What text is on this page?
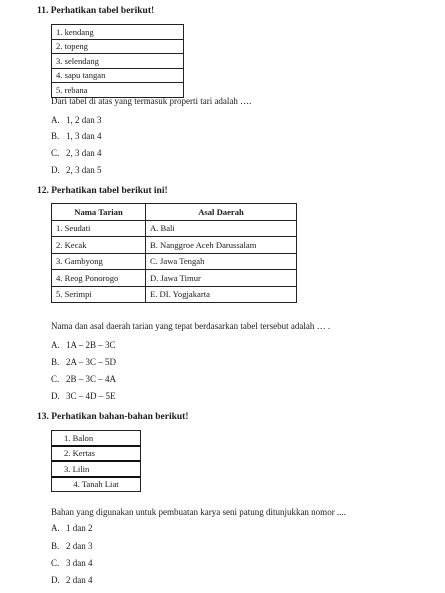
11. Perhatikan tabel berikut!
1. kendang
2. topeng
3. selendang
4. sapu tangan
5. rebana
Dari tabel di atas yang termasuk properti tari adalah ….
A. 1, 2 dan 3
B. 1, 3 dan 4
C. 2, 3 dan 4
D. 2, 3 dan 5
12. Perhatikan tabel berikut ini!
Nama Tarian	Asal Daerah
1. Seudati	A. Bali
2. Kecak	B. Nanggroe Aceh Darussalam
3. Gambyong	C. Jawa Tengah
4. Reog Ponorogo	D. Jawa Timur
5. Serimpi	E. DI. Yogjakarta
Nama dan asal daerah tarian yang tepat berdasarkan tabel tersebut adalah … .
A. 1A – 2B – 3C
B. 2A – 3C – 5D
C. 2B – 3C – 4A
D. 3C – 4D – 5E
13. Perhatikan bahan-bahan berikut!
1. Balon
2. Kertas
3. Lilin
4. Tanah Liat
Bahan yang digunakan untuk pembuatan karya seni patung ditunjukkan nomor ....
A. 1 dan 2
B. 2 dan 3
C. 3 dan 4
D. 2 dan 4
